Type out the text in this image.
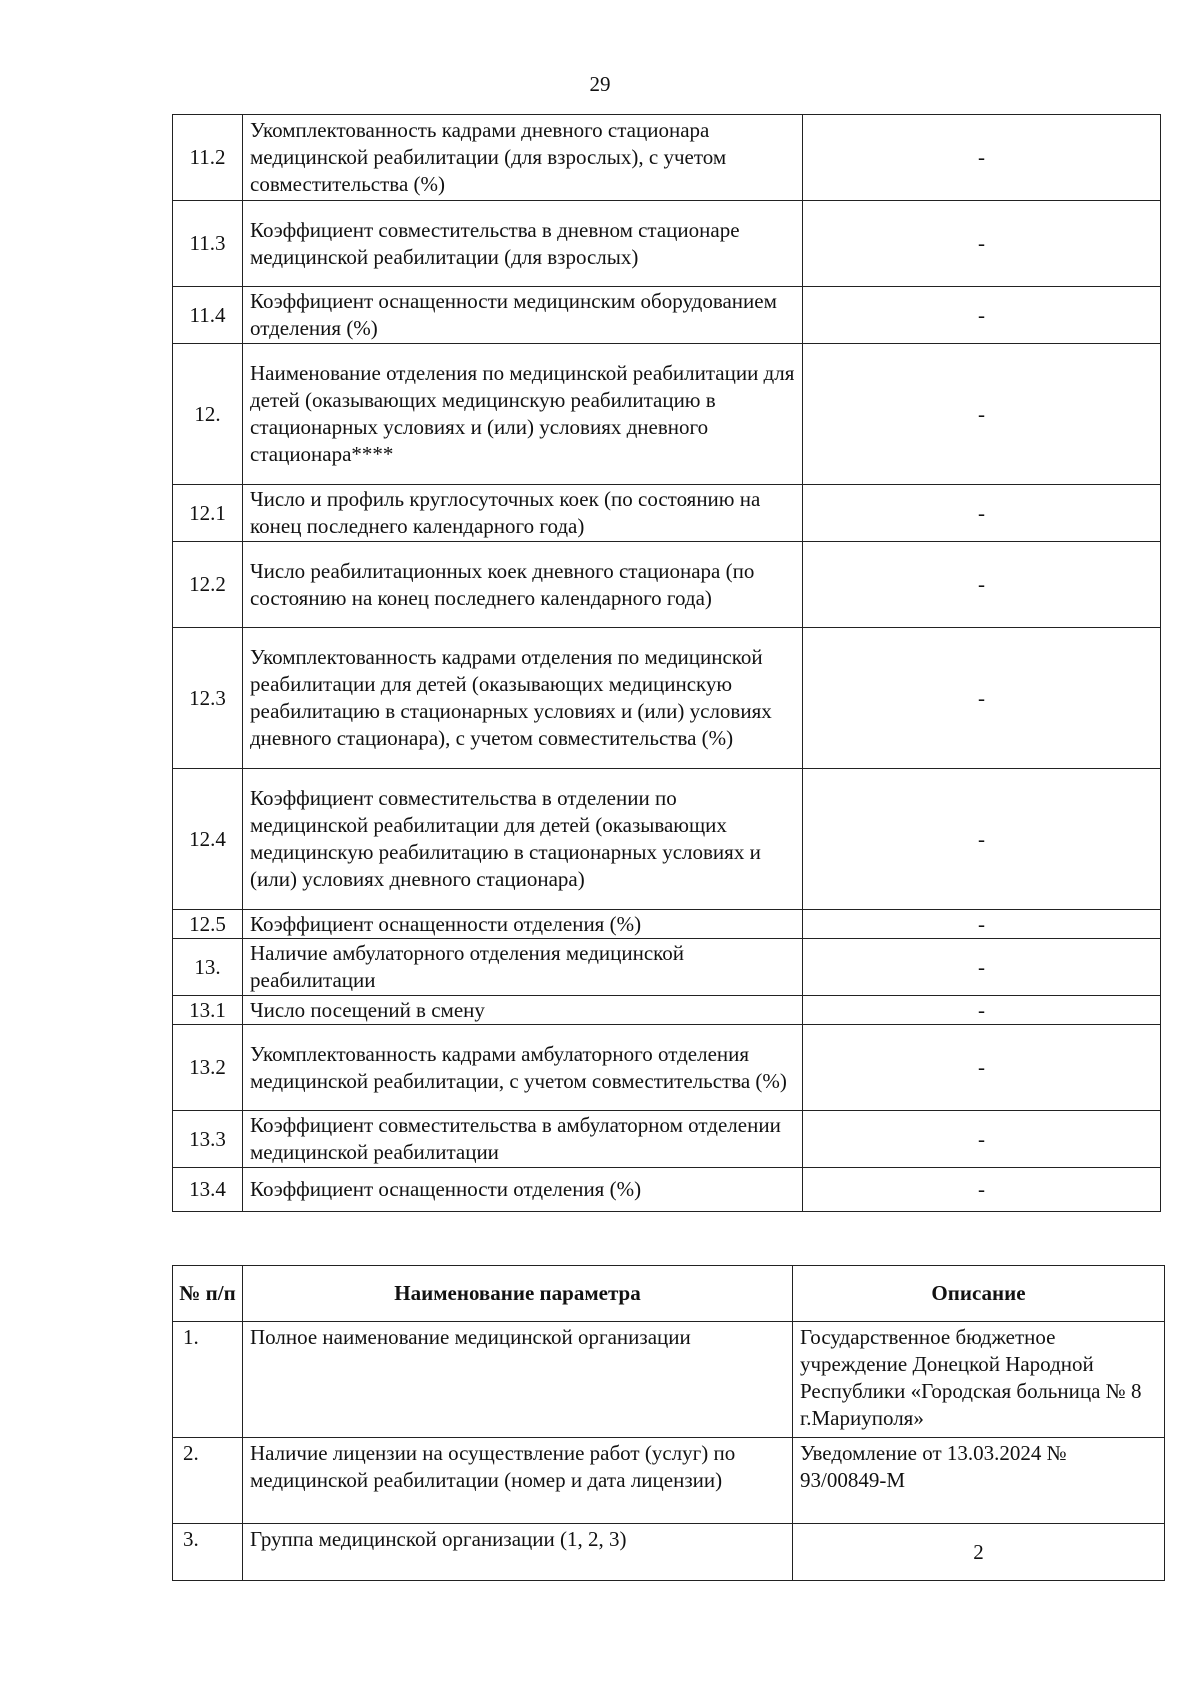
29
11.2	Укомплектованность кадрами дневного стационара медицинской реабилитации (для взрослых), с учетом совместительства (%)	-
11.3	Коэффициент совместительства в дневном стационаре медицинской реабилитации (для взрослых)	-
11.4	Коэффициент оснащенности медицинским оборудованием отделения (%)	-
12.	Наименование отделения по медицинской реабилитации для детей (оказывающих медицинскую реабилитацию в стационарных условиях и (или) условиях дневного стационара****	-
12.1	Число и профиль круглосуточных коек (по состоянию на конец последнего календарного года)	-
12.2	Число реабилитационных коек дневного стационара (по состоянию на конец последнего календарного года)	-
12.3	Укомплектованность кадрами отделения по медицинской реабилитации для детей (оказывающих медицинскую реабилитацию в стационарных условиях и (или) условиях дневного стационара), с учетом совместительства (%)	-
12.4	Коэффициент совместительства в отделении по медицинской реабилитации для детей (оказывающих медицинскую реабилитацию в стационарных условиях и (или) условиях дневного стационара)	-
12.5	Коэффициент оснащенности отделения (%)	-
13.	Наличие амбулаторного отделения медицинской реабилитации	-
13.1	Число посещений в смену	-
13.2	Укомплектованность кадрами амбулаторного отделения медицинской реабилитации, с учетом совместительства (%)	-
13.3	Коэффициент совместительства в амбулаторном отделении медицинской реабилитации	-
13.4	Коэффициент оснащенности отделения (%)	-
№ п/п	Наименование параметра	Описание
1.	Полное наименование медицинской организации	Государственное бюджетное учреждение Донецкой Народной Республики «Городская больница № 8 г.Мариуполя»
2.	Наличие лицензии на осуществление работ (услуг) по медицинской реабилитации (номер и дата лицензии)	Уведомление от 13.03.2024 № 93/00849-М
3.	Группа медицинской организации (1, 2, 3)	2
